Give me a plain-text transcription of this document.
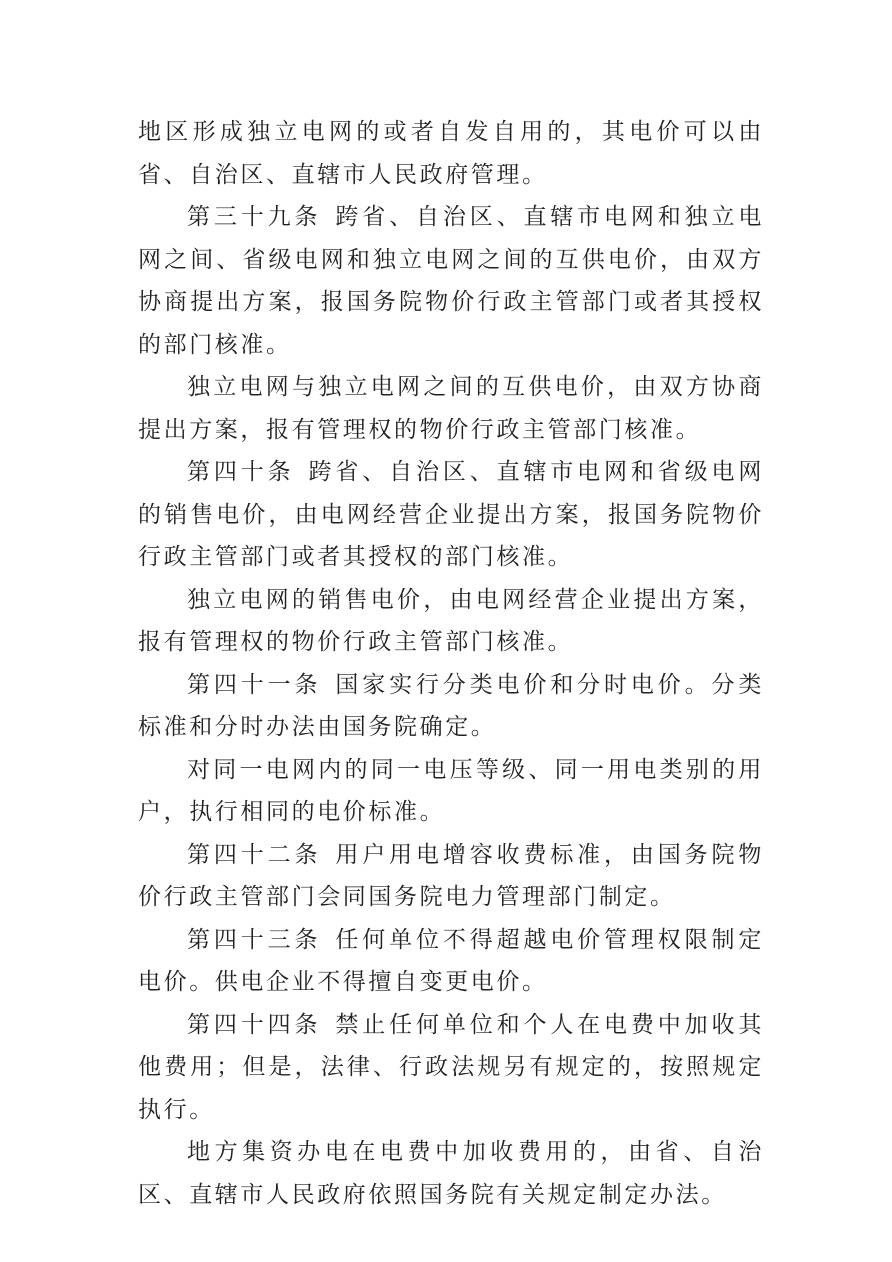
地区形成独立电网的或者自发自用的，其电价可以由省、自治区、直辖市人民政府管理。

第三十九条 跨省、自治区、直辖市电网和独立电网之间、省级电网和独立电网之间的互供电价，由双方协商提出方案，报国务院物价行政主管部门或者其授权的部门核准。

独立电网与独立电网之间的互供电价，由双方协商提出方案，报有管理权的物价行政主管部门核准。

第四十条 跨省、自治区、直辖市电网和省级电网的销售电价，由电网经营企业提出方案，报国务院物价行政主管部门或者其授权的部门核准。

独立电网的销售电价，由电网经营企业提出方案，报有管理权的物价行政主管部门核准。

第四十一条 国家实行分类电价和分时电价。分类标准和分时办法由国务院确定。

对同一电网内的同一电压等级、同一用电类别的用户，执行相同的电价标准。

第四十二条 用户用电增容收费标准，由国务院物价行政主管部门会同国务院电力管理部门制定。

第四十三条 任何单位不得超越电价管理权限制定电价。供电企业不得擅自变更电价。

第四十四条 禁止任何单位和个人在电费中加收其他费用；但是，法律、行政法规另有规定的，按照规定执行。

地方集资办电在电费中加收费用的，由省、自治区、直辖市人民政府依照国务院有关规定制定办法。
